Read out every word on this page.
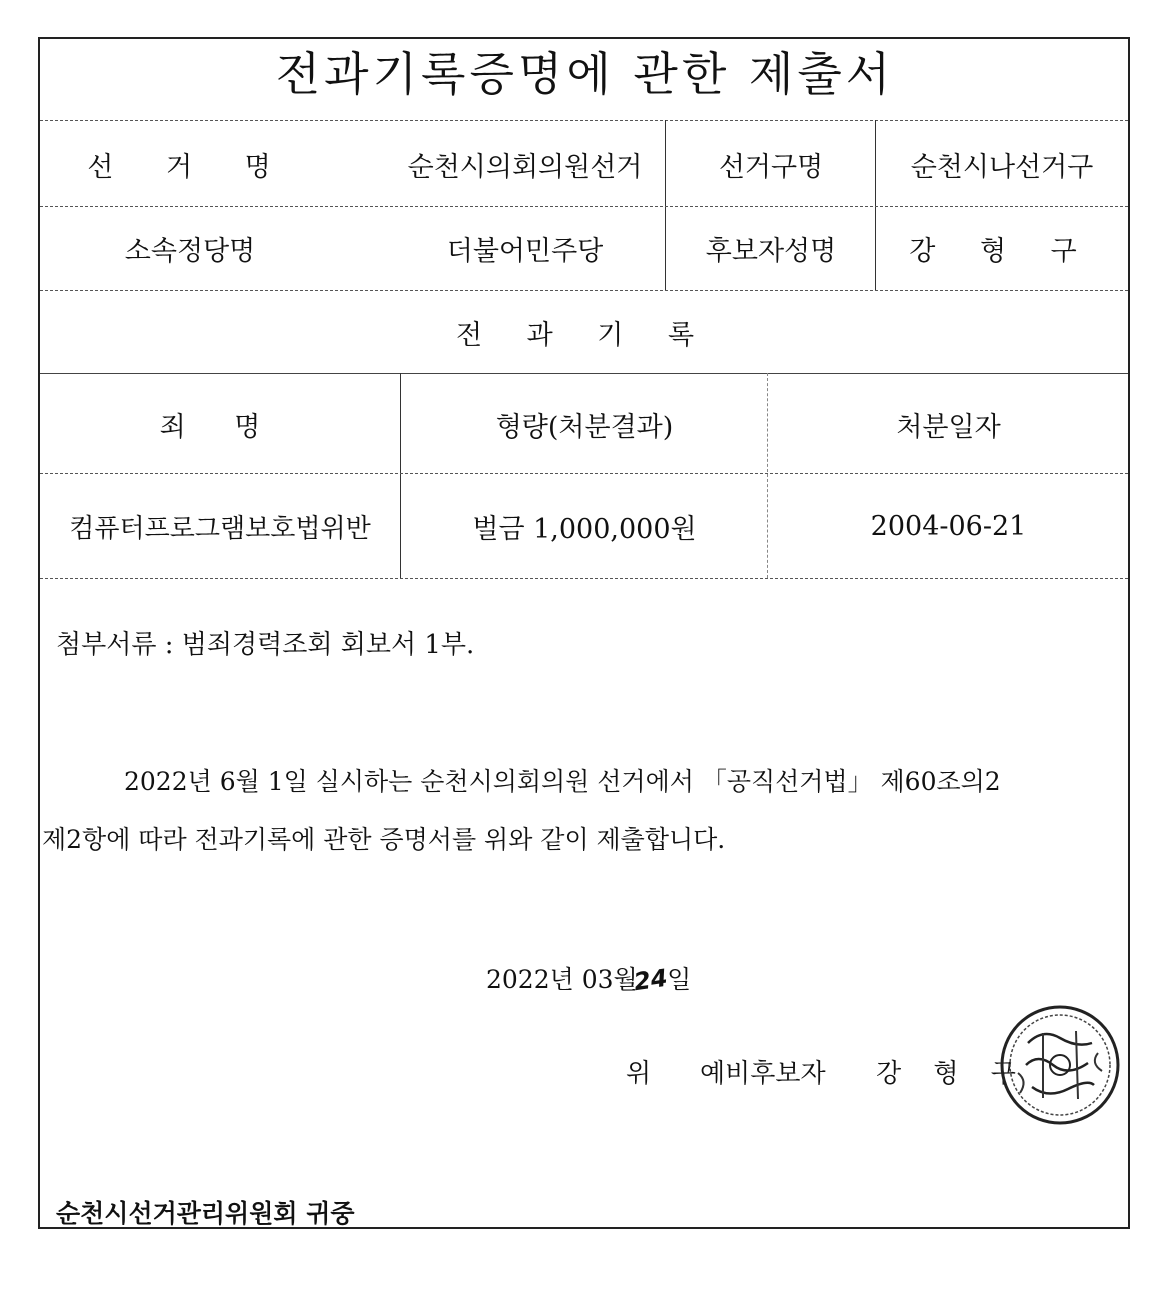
전과기록증명에 관한 제출서
선 거 명	순천시의회의원선거	선거구명	순천시나선거구
소속정당명	더불어민주당	후보자성명	강 형 구
전 과 기 록
죄 명	형량(처분결과)	처분일자
컴퓨터프로그램보호법위반	벌금 1,000,000원	2004-06-21
첨부서류 : 범죄경력조회 회보서 1부.
2022년 6월 1일 실시하는 순천시의회의원 선거에서 「공직선거법」 제60조의2
제2항에 따라 전과기록에 관한 증명서를 위와 같이 제출합니다.
2022년 03월24일
위 예비후보자 강 형 구
순천시선거관리위원회 귀중
